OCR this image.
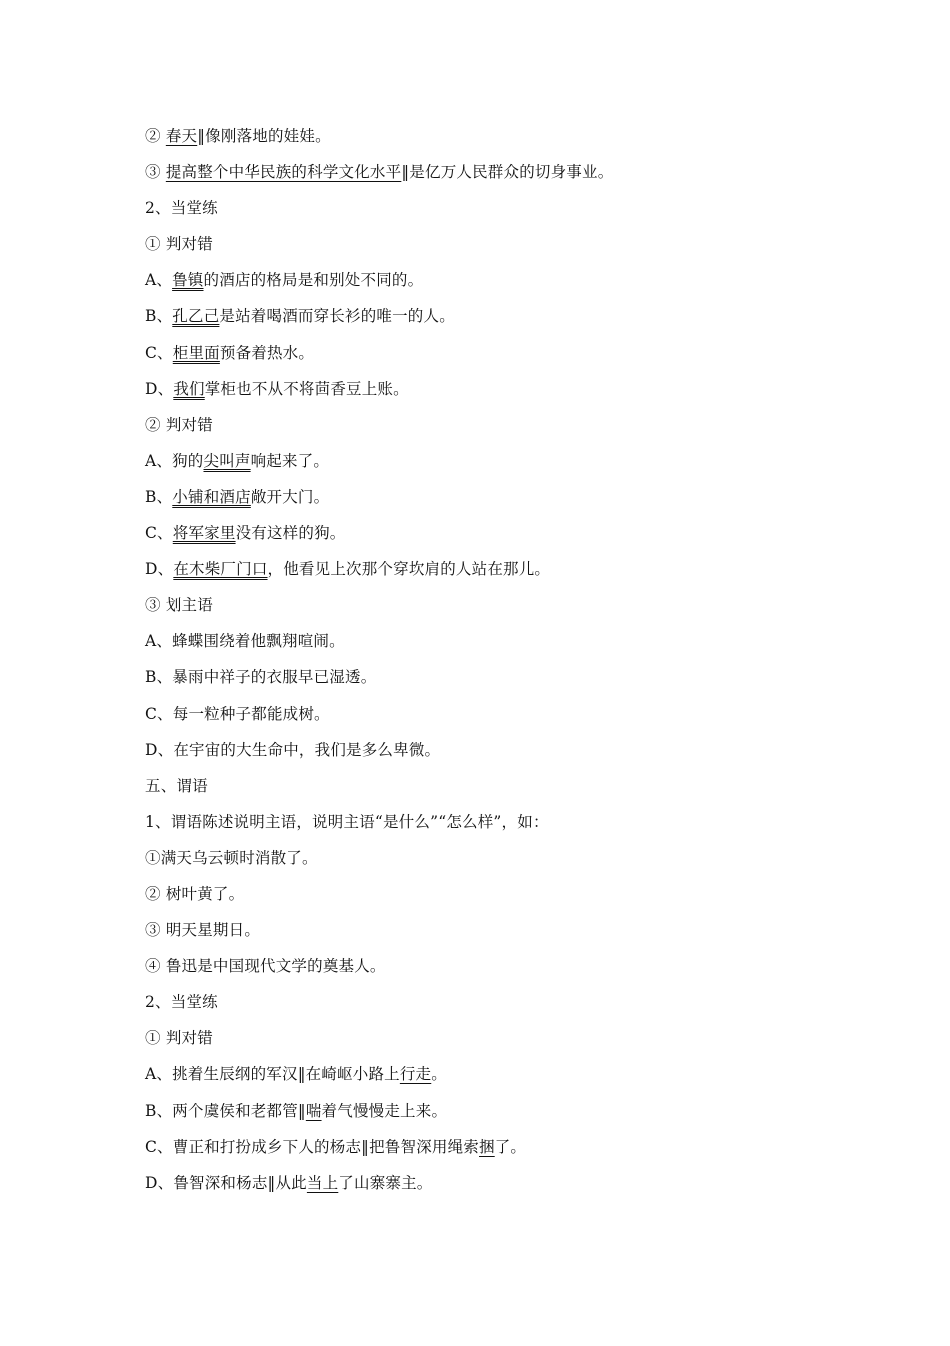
② 春天‖像刚落地的娃娃。
③ 提高整个中华民族的科学文化水平‖是亿万人民群众的切身事业。
2、当堂练
① 判对错
A、鲁镇的酒店的格局是和别处不同的。
B、孔乙己是站着喝酒而穿长衫的唯一的人。
C、柜里面预备着热水。
D、我们掌柜也不从不将茴香豆上账。
② 判对错
A、狗的尖叫声响起来了。
B、小铺和酒店敞开大门。
C、将军家里没有这样的狗。
D、在木柴厂门口，他看见上次那个穿坎肩的人站在那儿。
③ 划主语
A、蜂蝶围绕着他飘翔喧闹。
B、暴雨中祥子的衣服早已湿透。
C、每一粒种子都能成树。
D、在宇宙的大生命中，我们是多么卑微。
五、谓语
1、谓语陈述说明主语，说明主语“是什么”“怎么样”，如：
①满天乌云顿时消散了。
② 树叶黄了。
③ 明天星期日。
④ 鲁迅是中国现代文学的奠基人。
2、当堂练
① 判对错
A、挑着生辰纲的军汉‖在崎岖小路上行走。
B、两个虞侯和老都管‖喘着气慢慢走上来。
C、曹正和打扮成乡下人的杨志‖把鲁智深用绳索捆了。
D、鲁智深和杨志‖从此当上了山寨寨主。
